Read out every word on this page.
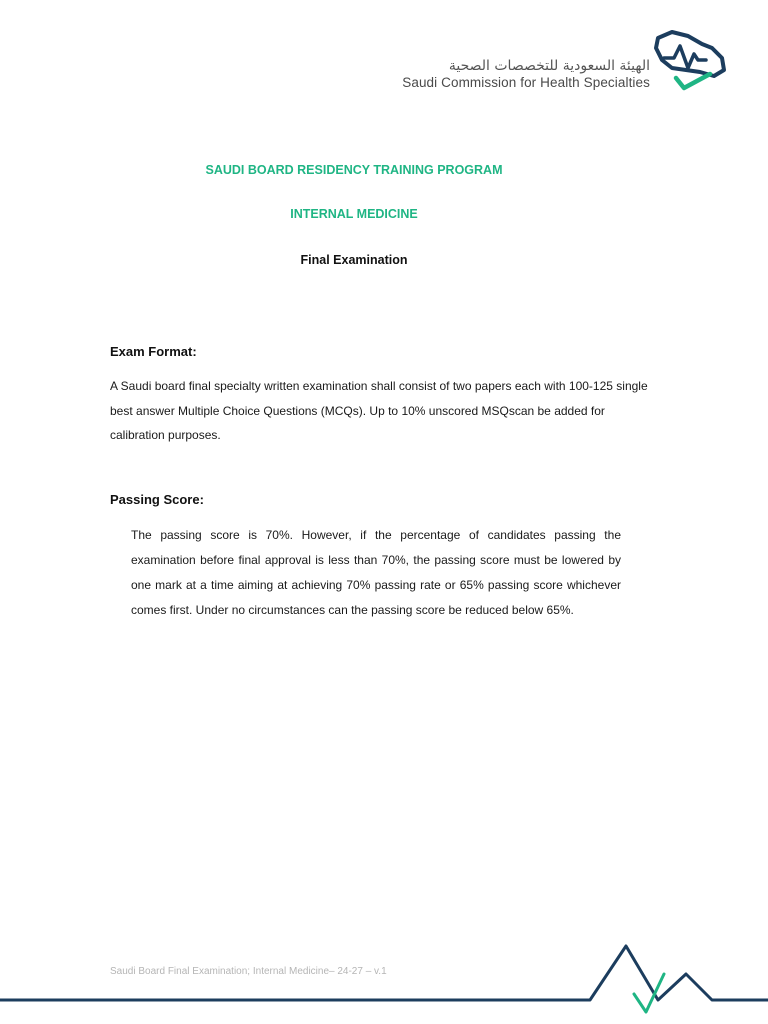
الهيئة السعودية للتخصصات الصحية
Saudi Commission for Health Specialties
SAUDI BOARD RESIDENCY TRAINING PROGRAM
INTERNAL MEDICINE
Final Examination
Exam Format:
A Saudi board final specialty written examination shall consist of two papers each with 100-125 single best answer Multiple Choice Questions (MCQs). Up to 10% unscored MSQscan be added for calibration purposes.
Passing Score:
The passing score is 70%. However, if the percentage of candidates passing the examination before final approval is less than 70%, the passing score must be lowered by one mark at a time aiming at achieving 70% passing rate or 65% passing score whichever comes first. Under no circumstances can the passing score be reduced below 65%.
Saudi Board Final Examination; Internal Medicine– 24-27 – v.1
